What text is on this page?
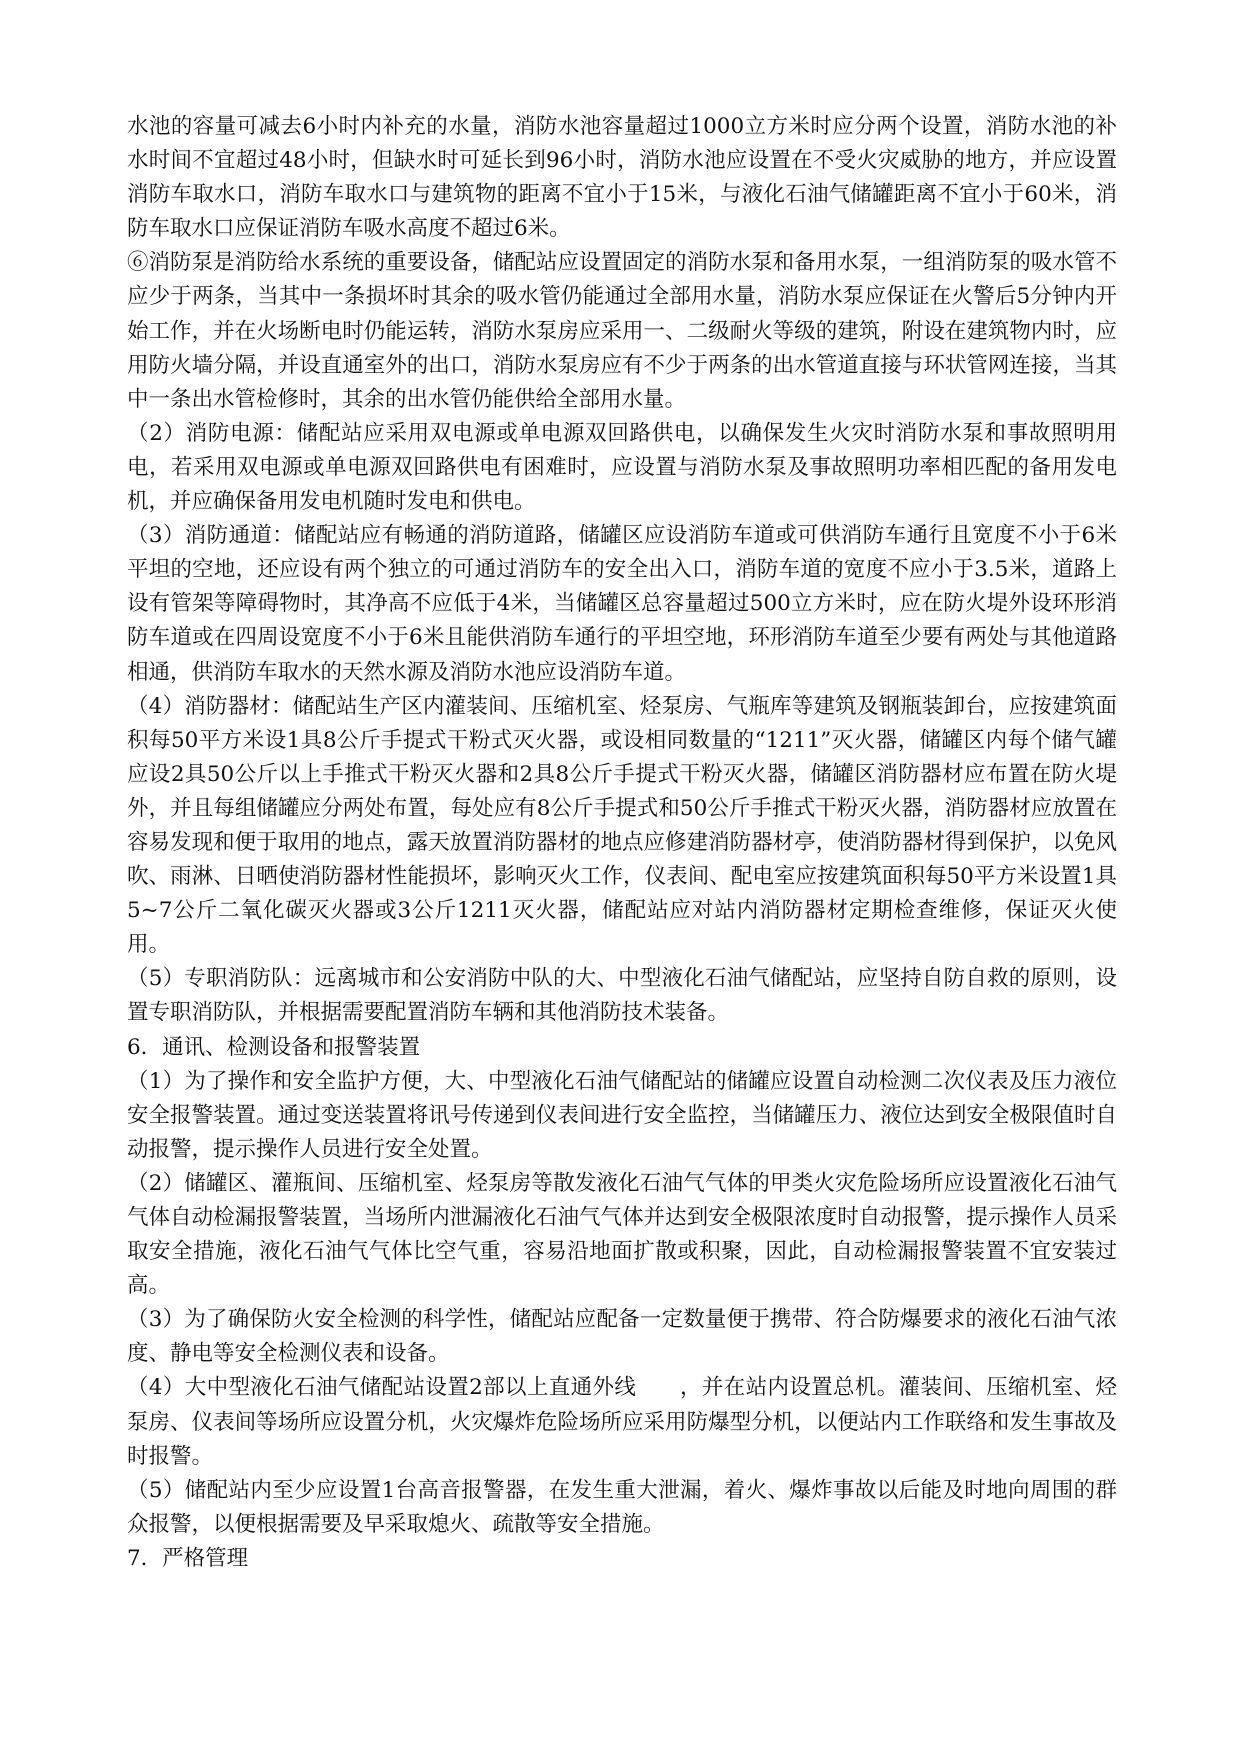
水池的容量可减去6小时内补充的水量，消防水池容量超过1000立方米时应分两个设置，消防水池的补水时间不宜超过48小时，但缺水时可延长到96小时，消防水池应设置在不受火灾威胁的地方，并应设置消防车取水口，消防车取水口与建筑物的距离不宜小于15米，与液化石油气储罐距离不宜小于60米，消防车取水口应保证消防车吸水高度不超过6米。

⑥消防泵是消防给水系统的重要设备，储配站应设置固定的消防水泵和备用水泵，一组消防泵的吸水管不应少于两条，当其中一条损坏时其余的吸水管仍能通过全部用水量，消防水泵应保证在火警后5分钟内开始工作，并在火场断电时仍能运转，消防水泵房应采用一、二级耐火等级的建筑，附设在建筑物内时，应用防火墙分隔，并设直通室外的出口，消防水泵房应有不少于两条的出水管道直接与环状管网连接，当其中一条出水管检修时，其余的出水管仍能供给全部用水量。

（2）消防电源：储配站应采用双电源或单电源双回路供电，以确保发生火灾时消防水泵和事故照明用电，若采用双电源或单电源双回路供电有困难时，应设置与消防水泵及事故照明功率相匹配的备用发电机，并应确保备用发电机随时发电和供电。

（3）消防通道：储配站应有畅通的消防道路，储罐区应设消防车道或可供消防车通行且宽度不小于6米平坦的空地，还应设有两个独立的可通过消防车的安全出入口，消防车道的宽度不应小于3.5米，道路上设有管架等障碍物时，其净高不应低于4米，当储罐区总容量超过500立方米时，应在防火堤外设环形消防车道或在四周设宽度不小于6米且能供消防车通行的平坦空地，环形消防车道至少要有两处与其他道路相通，供消防车取水的天然水源及消防水池应设消防车道。

（4）消防器材：储配站生产区内灌装间、压缩机室、烃泵房、气瓶库等建筑及钢瓶装卸台，应按建筑面积每50平方米设1具8公斤手提式干粉式灭火器，或设相同数量的“1211”灭火器，储罐区内每个储气罐应设2具50公斤以上手推式干粉灭火器和2具8公斤手提式干粉灭火器，储罐区消防器材应布置在防火堤外，并且每组储罐应分两处布置，每处应有8公斤手提式和50公斤手推式干粉灭火器，消防器材应放置在容易发现和便于取用的地点，露天放置消防器材的地点应修建消防器材亭，使消防器材得到保护，以免风吹、雨淋、日晒使消防器材性能损坏，影响灭火工作，仪表间、配电室应按建筑面积每50平方米设置1具5~7公斤二氧化碳灭火器或3公斤1211灭火器，储配站应对站内消防器材定期检查维修，保证灭火使用。

（5）专职消防队：远离城市和公安消防中队的大、中型液化石油气储配站，应坚持自防自救的原则，设置专职消防队，并根据需要配置消防车辆和其他消防技术装备。

6．通讯、检测设备和报警装置

（1）为了操作和安全监护方便，大、中型液化石油气储配站的储罐应设置自动检测二次仪表及压力液位安全报警装置。通过变送装置将讯号传递到仪表间进行安全监控，当储罐压力、液位达到安全极限值时自动报警，提示操作人员进行安全处置。

（2）储罐区、灌瓶间、压缩机室、烃泵房等散发液化石油气气体的甲类火灾危险场所应设置液化石油气气体自动检漏报警装置，当场所内泄漏液化石油气气体并达到安全极限浓度时自动报警，提示操作人员采取安全措施，液化石油气气体比空气重，容易沿地面扩散或积聚，因此，自动检漏报警装置不宜安装过高。

（3）为了确保防火安全检测的科学性，储配站应配备一定数量便于携带、符合防爆要求的液化石油气浓度、静电等安全检测仪表和设备。

（4）大中型液化石油气储配站设置2部以上直通外线　　，并在站内设置总机。灌装间、压缩机室、烃泵房、仪表间等场所应设置分机，火灾爆炸危险场所应采用防爆型分机，以便站内工作联络和发生事故及时报警。

（5）储配站内至少应设置1台高音报警器，在发生重大泄漏，着火、爆炸事故以后能及时地向周围的群众报警，以便根据需要及早采取熄火、疏散等安全措施。

7．严格管理
